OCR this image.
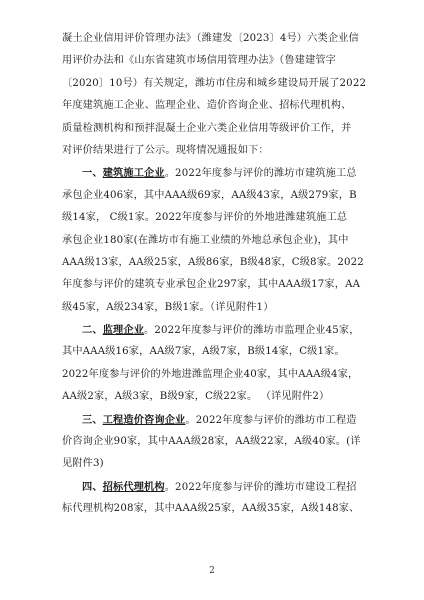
凝土企业信用评价管理办法》（潍建发〔2023〕4号）六类企业信
用评价办法和《山东省建筑市场信用管理办法》（鲁建建管字
〔2020〕10号）有关规定，潍坊市住房和城乡建设局开展了2022
年度建筑施工企业、监理企业、造价咨询企业、招标代理机构、
质量检测机构和预拌混凝土企业六类企业信用等级评价工作，并
对评价结果进行了公示。现将情况通报如下：
一、建筑施工企业。2022年度参与评价的潍坊市建筑施工总
承包企业406家，其中AAA级69家，AA级43家，A级279家，B
级14家， C级1家。2022年度参与评价的外地进潍建筑施工总
承包企业180家(在潍坊市有施工业绩的外地总承包企业)，其中
AAA级13家，AA级25家，A级86家，B级48家，C级8家。2022
年度参与评价的建筑专业承包企业297家，其中AAA级17家，AA
级45家，A级234家，B级1家。（详见附件1）
二、监理企业。2022年度参与评价的潍坊市监理企业45家，
其中AAA级16家，AA级7家，A级7家，B级14家，C级1家。
2022年度参与评价的外地进潍监理企业40家，其中AAA级4家，
AA级2家，A级3家，B级9家，C级22家。 （详见附件2）
三、工程造价咨询企业。2022年度参与评价的潍坊市工程造
价咨询企业90家，其中AAA级28家，AA级22家，A级40家。(详
见附件3)
四、招标代理机构。2022年度参与评价的潍坊市建设工程招
标代理机构208家，其中AAA级25家，AA级35家，A级148家、
2
